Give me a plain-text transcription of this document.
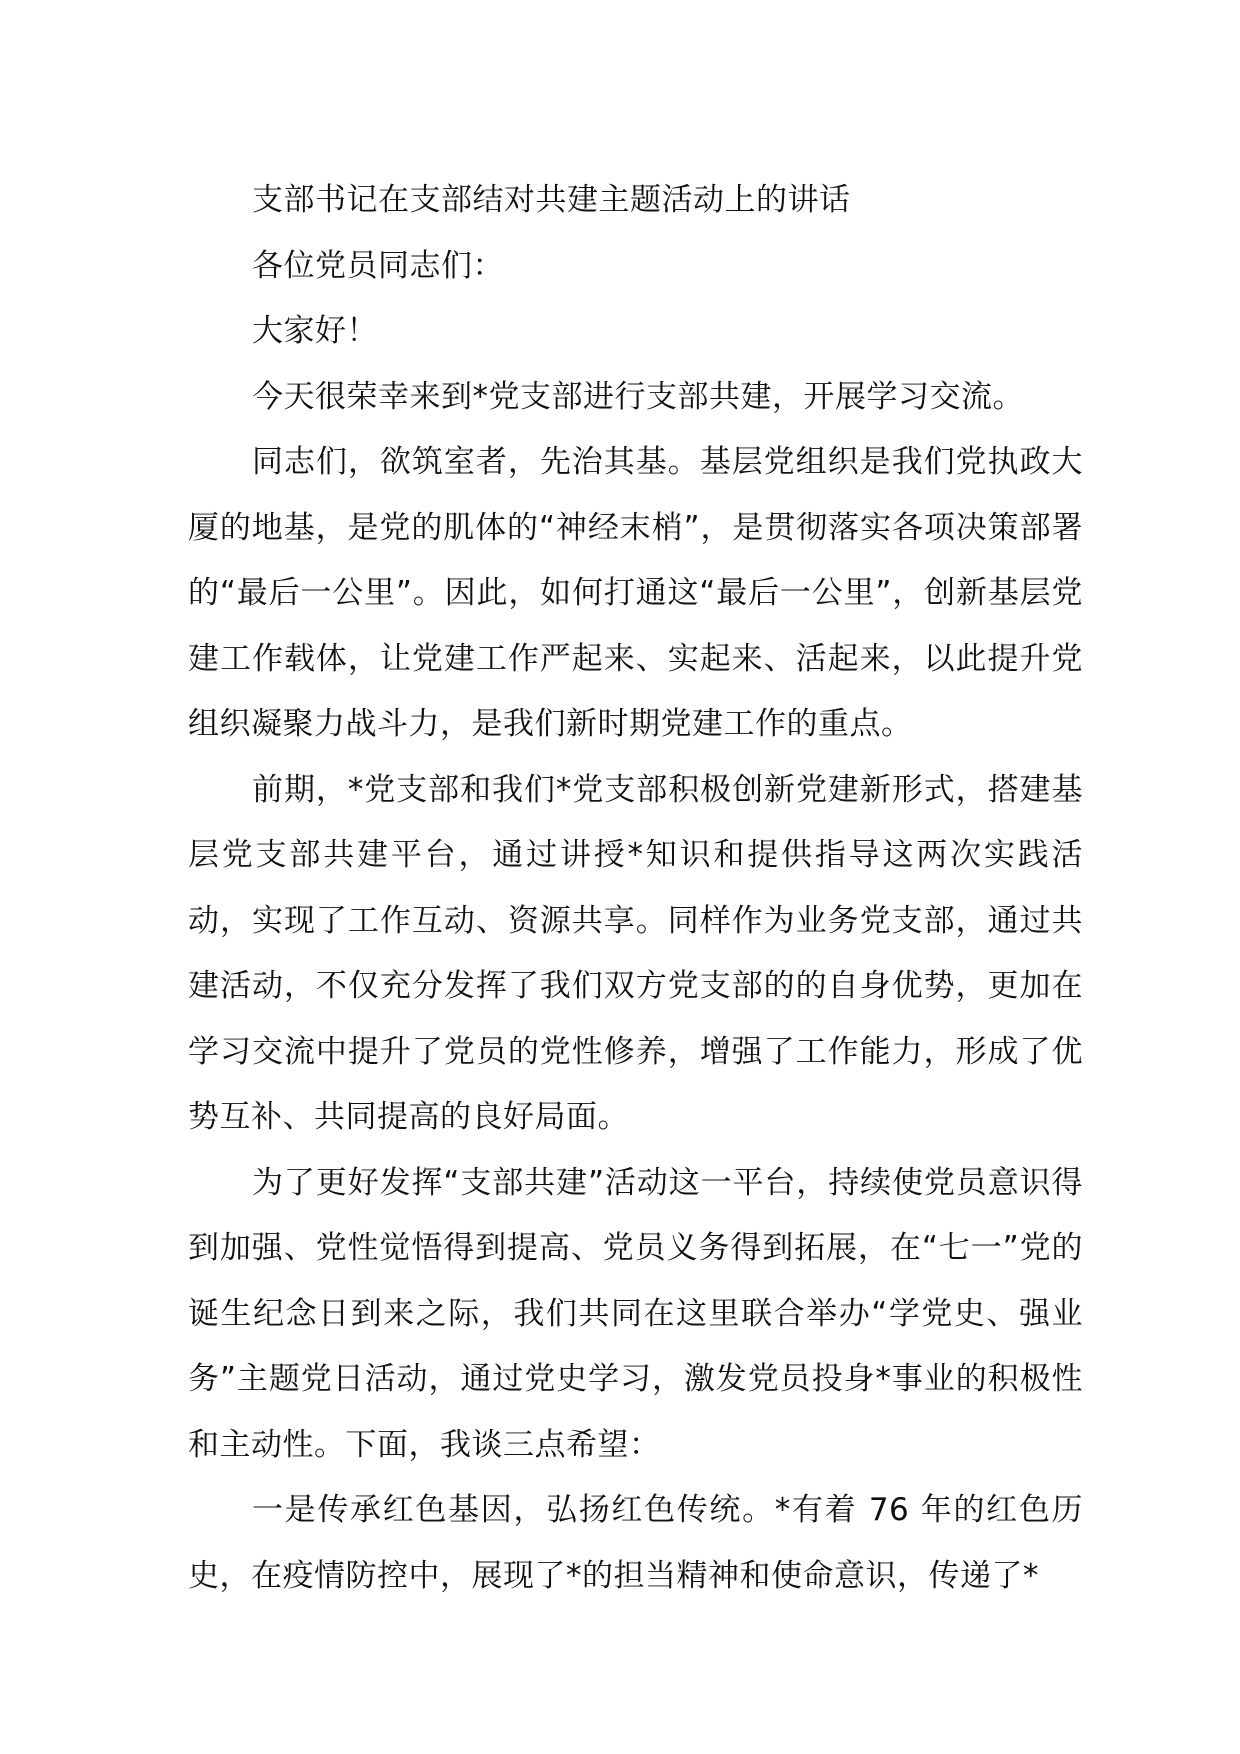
支部书记在支部结对共建主题活动上的讲话

各位党员同志们：

大家好！

今天很荣幸来到*党支部进行支部共建，开展学习交流。

同志们，欲筑室者，先治其基。基层党组织是我们党执政大厦的地基，是党的肌体的“神经末梢”，是贯彻落实各项决策部署的“最后一公里”。因此，如何打通这“最后一公里”，创新基层党建工作载体，让党建工作严起来、实起来、活起来，以此提升党组织凝聚力战斗力，是我们新时期党建工作的重点。

前期，*党支部和我们*党支部积极创新党建新形式，搭建基层党支部共建平台，通过讲授*知识和提供指导这两次实践活动，实现了工作互动、资源共享。同样作为业务党支部，通过共建活动，不仅充分发挥了我们双方党支部的的自身优势，更加在学习交流中提升了党员的党性修养，增强了工作能力，形成了优势互补、共同提高的良好局面。

为了更好发挥“支部共建”活动这一平台，持续使党员意识得到加强、党性觉悟得到提高、党员义务得到拓展，在“七一”党的诞生纪念日到来之际，我们共同在这里联合举办“学党史、强业务”主题党日活动，通过党史学习，激发党员投身*事业的积极性和主动性。下面，我谈三点希望：

一是传承红色基因，弘扬红色传统。*有着 76 年的红色历史，在疫情防控中，展现了*的担当精神和使命意识，传递了*
